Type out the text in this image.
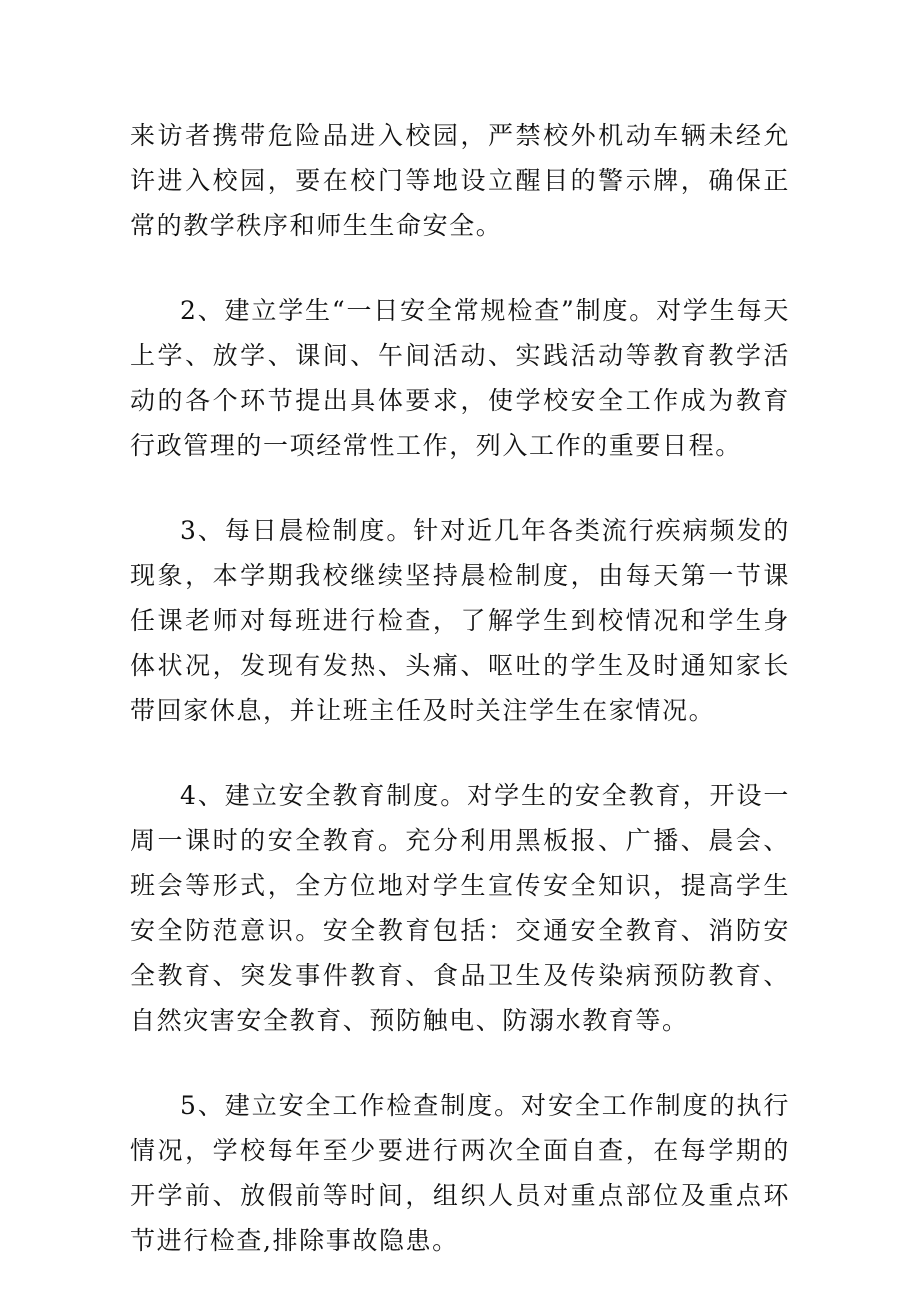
来访者携带危险品进入校园，严禁校外机动车辆未经允许进入校园，要在校门等地设立醒目的警示牌，确保正常的教学秩序和师生生命安全。

2、建立学生“一日安全常规检查”制度。对学生每天上学、放学、课间、午间活动、实践活动等教育教学活动的各个环节提出具体要求，使学校安全工作成为教育行政管理的一项经常性工作，列入工作的重要日程。

3、每日晨检制度。针对近几年各类流行疾病频发的现象，本学期我校继续坚持晨检制度，由每天第一节课任课老师对每班进行检查，了解学生到校情况和学生身体状况，发现有发热、头痛、呕吐的学生及时通知家长带回家休息，并让班主任及时关注学生在家情况。

4、建立安全教育制度。对学生的安全教育，开设一周一课时的安全教育。充分利用黑板报、广播、晨会、班会等形式，全方位地对学生宣传安全知识，提高学生安全防范意识。安全教育包括：交通安全教育、消防安全教育、突发事件教育、食品卫生及传染病预防教育、自然灾害安全教育、预防触电、防溺水教育等。

5、建立安全工作检查制度。对安全工作制度的执行情况，学校每年至少要进行两次全面自查，在每学期的开学前、放假前等时间，组织人员对重点部位及重点环节进行检查,排除事故隐患。
